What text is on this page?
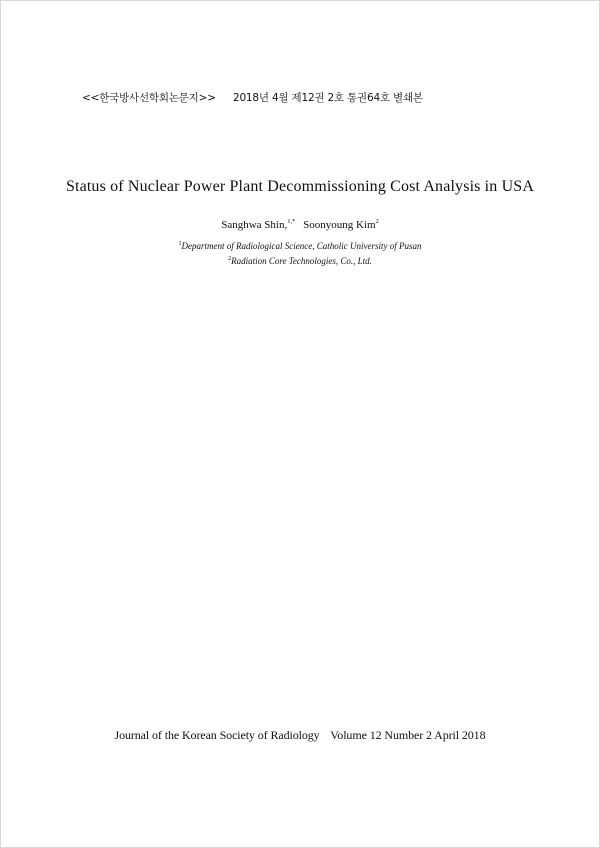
<<한국방사선학회논문지>> 2018년 4월 제12권 2호 통권64호 별쇄본
Status of Nuclear Power Plant Decommissioning Cost Analysis in USA
Sanghwa Shin,$^{1,*}$ Soonyoung Kim$^2$
$^1$Department of Radiological Science, Catholic University of Pusan
$^2$Radiation Core Technologies, Co., Ltd.
Journal of the Korean Society of Radiology Volume 12 Number 2 April 2018
